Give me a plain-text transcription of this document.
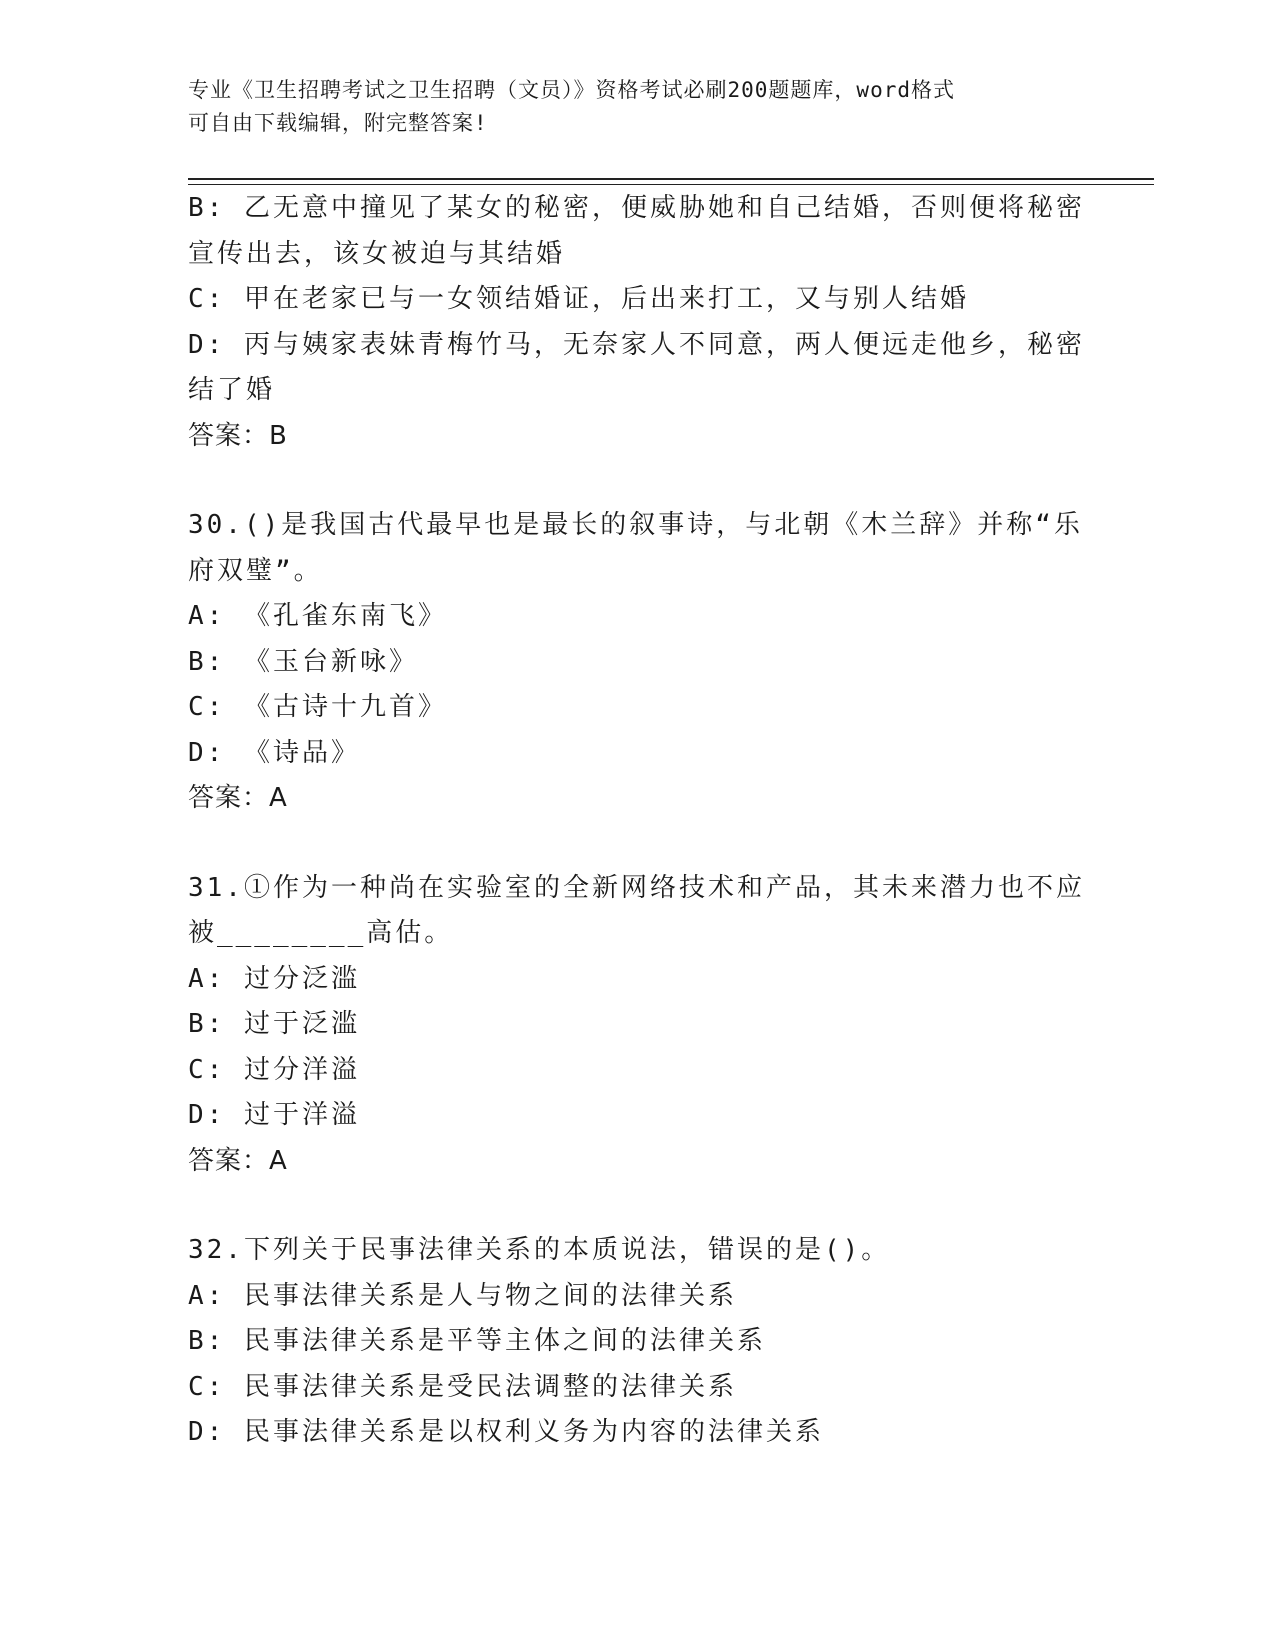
专业《卫生招聘考试之卫生招聘（文员）》资格考试必刷200题题库，word格式
可自由下载编辑，附完整答案!
B: 乙无意中撞见了某女的秘密，便威胁她和自己结婚，否则便将秘密
宣传出去，该女被迫与其结婚
C: 甲在老家已与一女领结婚证，后出来打工，又与别人结婚
D: 丙与姨家表妹青梅竹马，无奈家人不同意，两人便远走他乡，秘密
结了婚
答案：B
30.()是我国古代最早也是最长的叙事诗，与北朝《木兰辞》并称“乐
府双璧”。
A: 《孔雀东南飞》
B: 《玉台新咏》
C: 《古诗十九首》
D: 《诗品》
答案：A
31.①作为一种尚在实验室的全新网络技术和产品，其未来潜力也不应
被________高估。
A: 过分泛滥
B: 过于泛滥
C: 过分洋溢
D: 过于洋溢
答案：A
32.下列关于民事法律关系的本质说法，错误的是()。
A: 民事法律关系是人与物之间的法律关系
B: 民事法律关系是平等主体之间的法律关系
C: 民事法律关系是受民法调整的法律关系
D: 民事法律关系是以权利义务为内容的法律关系
